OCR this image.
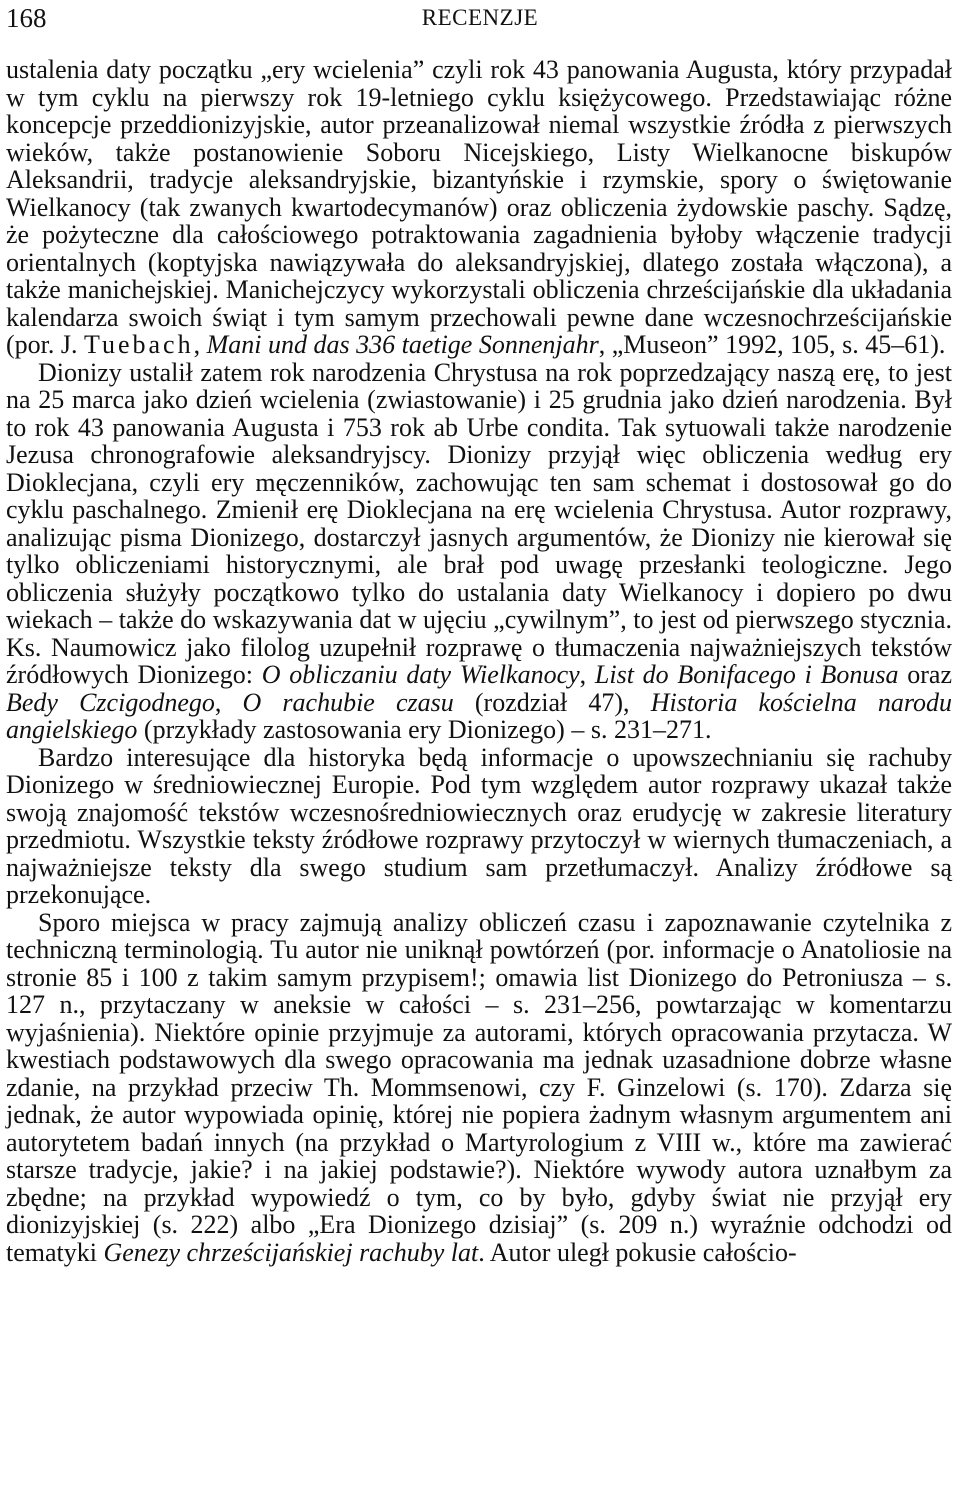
168	RECENZJE

ustalenia daty początku „ery wcielenia” czyli rok 43 panowania Augusta, który przypadał w tym cyklu na pierwszy rok 19-letniego cyklu księżycowego. Przedstawiając różne koncepcje przeddionizyjskie, autor przeanalizował niemal wszystkie źródła z pierwszych wieków, także postanowienie Soboru Nicejskiego, Listy Wielkanocne biskupów Aleksandrii, tradycje aleksandryjskie, bizantyńskie i rzymskie, spory o świętowanie Wielkanocy (tak zwanych kwartodecymanów) oraz obliczenia żydowskie paschy. Sądzę, że pożyteczne dla całościowego potraktowania zagadnienia byłoby włączenie tradycji orientalnych (koptyjska nawiązywała do aleksandryjskiej, dlatego została włączona), a także manichejskiej. Manichejczycy wykorzystali obliczenia chrześcijańskie dla układania kalendarza swoich świąt i tym samym przechowali pewne dane wczesnochrześcijańskie (por. J. Tuebach, Mani und das 336 taetige Sonnenjahr, „Museon” 1992, 105, s. 45–61).

Dionizy ustalił zatem rok narodzenia Chrystusa na rok poprzedzający naszą erę, to jest na 25 marca jako dzień wcielenia (zwiastowanie) i 25 grudnia jako dzień narodzenia. Był to rok 43 panowania Augusta i 753 rok ab Urbe condita. Tak sytuowali także narodzenie Jezusa chronografowie aleksandryjscy. Dionizy przyjął więc obliczenia według ery Dioklecjana, czyli ery męczenników, zachowując ten sam schemat i dostosował go do cyklu paschalnego. Zmienił erę Dioklecjana na erę wcielenia Chrystusa. Autor rozprawy, analizując pisma Dionizego, dostarczył jasnych argumentów, że Dionizy nie kierował się tylko obliczeniami historycznymi, ale brał pod uwagę przesłanki teologiczne. Jego obliczenia służyły początkowo tylko do ustalania daty Wielkanocy i dopiero po dwu wiekach – także do wskazywania dat w ujęciu „cywilnym”, to jest od pierwszego stycznia. Ks. Naumowicz jako filolog uzupełnił rozprawę o tłumaczenia najważniejszych tekstów źródłowych Dionizego: O obliczaniu daty Wielkanocy, List do Bonifacego i Bonusa oraz Bedy Czcigodnego, O rachubie czasu (rozdział 47), Historia kościelna narodu angielskiego (przykłady zastosowania ery Dionizego) – s. 231–271.

Bardzo interesujące dla historyka będą informacje o upowszechnianiu się rachuby Dionizego w średniowiecznej Europie. Pod tym względem autor rozprawy ukazał także swoją znajomość tekstów wczesnośredniowiecznych oraz erudycję w zakresie literatury przedmiotu. Wszystkie teksty źródłowe rozprawy przytoczył w wiernych tłumaczeniach, a najważniejsze teksty dla swego studium sam przetłumaczył. Analizy źródłowe są przekonujące.

Sporo miejsca w pracy zajmują analizy obliczeń czasu i zapoznawanie czytelnika z techniczną terminologią. Tu autor nie uniknął powtórzeń (por. informacje o Anatoliosie na stronie 85 i 100 z takim samym przypisem!; omawia list Dionizego do Petroniusza – s. 127 n., przytaczany w aneksie w całości – s. 231–256, powtarzając w komentarzu wyjaśnienia). Niektóre opinie przyjmuje za autorami, których opracowania przytacza. W kwestiach podstawowych dla swego opracowania ma jednak uzasadnione dobrze własne zdanie, na przykład przeciw Th. Mommsenowi, czy F. Ginzelowi (s. 170). Zdarza się jednak, że autor wypowiada opinię, której nie popiera żadnym własnym argumentem ani autorytetem badań innych (na przykład o Martyrologium z VIII w., które ma zawierać starsze tradycje, jakie? i na jakiej podstawie?). Niektóre wywody autora uznałbym za zbędne; na przykład wypowiedź o tym, co by było, gdyby świat nie przyjął ery dionizyjskiej (s. 222) albo „Era Dionizego dzisiaj” (s. 209 n.) wyraźnie odchodzi od tematyki Genezy chrześcijańskiej rachuby lat. Autor uległ pokusie całościo-
